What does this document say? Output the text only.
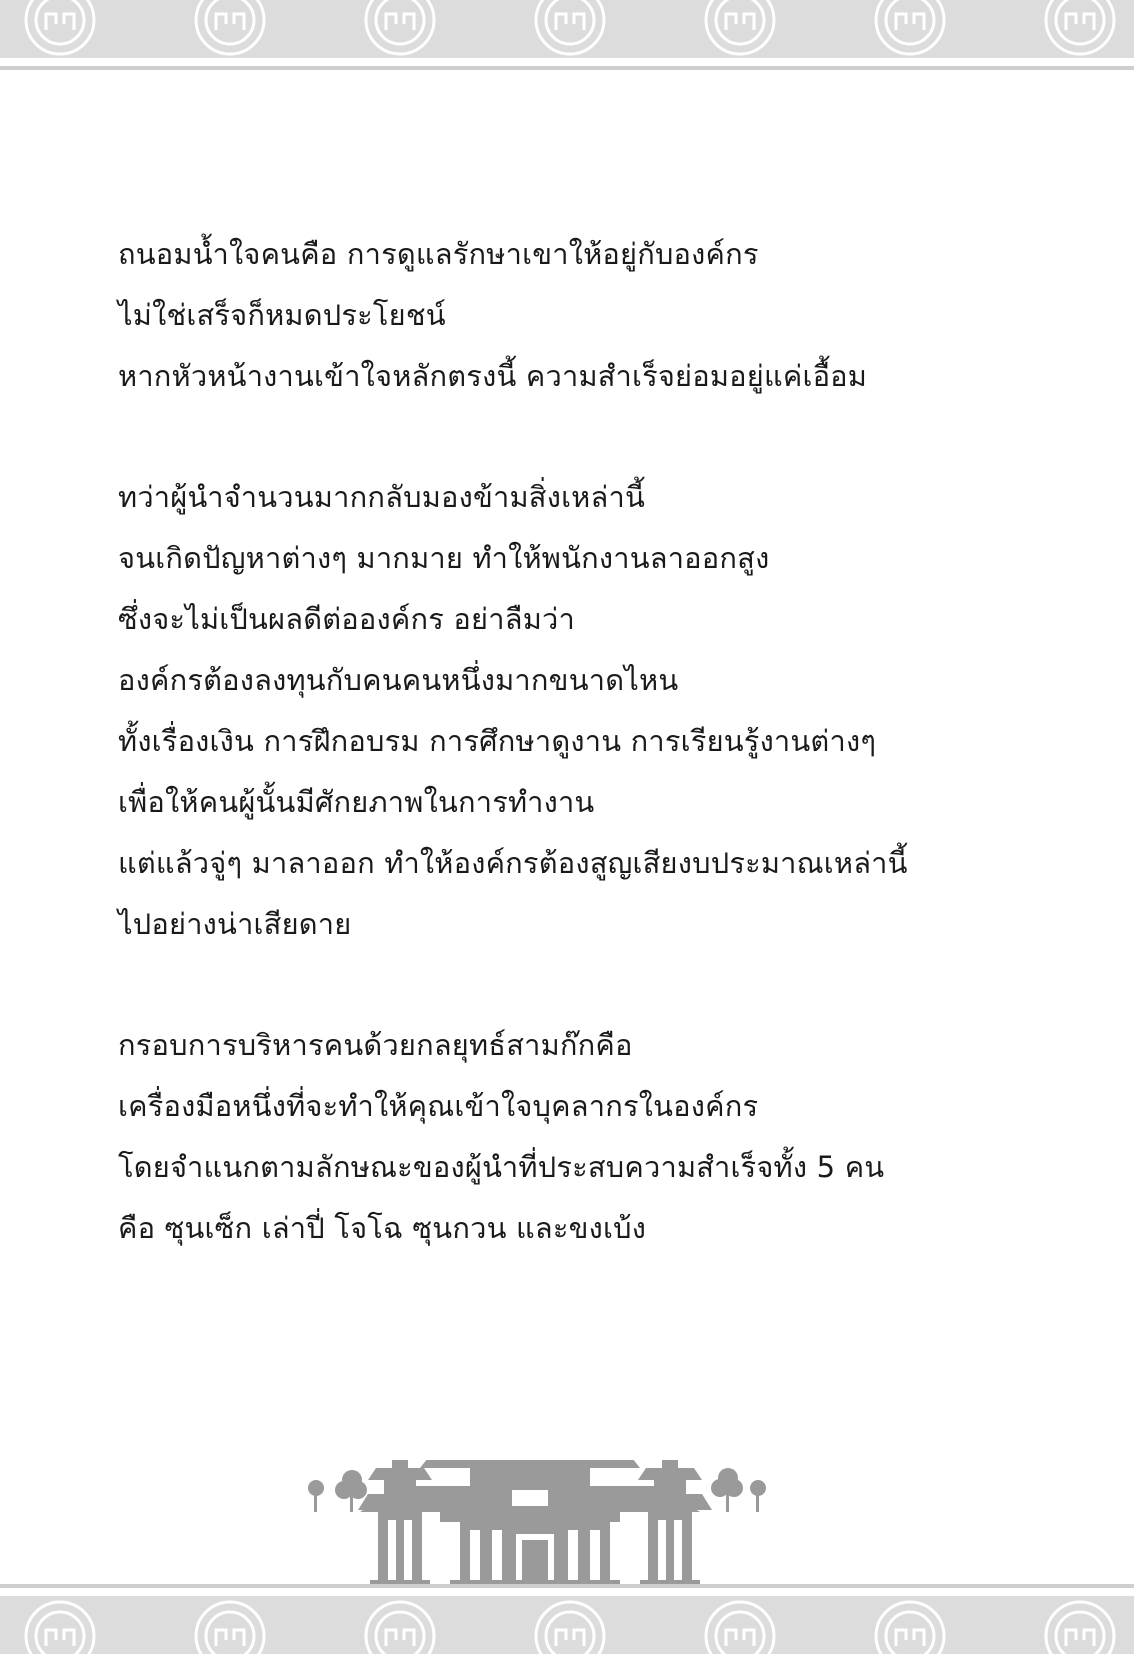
ถนอมน้ำใจคนคือ การดูแลรักษาเขาให้อยู่กับองค์กร
ไม่ใช่เสร็จก็หมดประโยชน์
หากหัวหน้างานเข้าใจหลักตรงนี้ ความสำเร็จย่อมอยู่แค่เอื้อม
ทว่าผู้นำจำนวนมากกลับมองข้ามสิ่งเหล่านี้
จนเกิดปัญหาต่างๆ มากมาย ทำให้พนักงานลาออกสูง
ซึ่งจะไม่เป็นผลดีต่อองค์กร อย่าลืมว่า
องค์กรต้องลงทุนกับคนคนหนึ่งมากขนาดไหน
ทั้งเรื่องเงิน การฝึกอบรม การศึกษาดูงาน การเรียนรู้งานต่างๆ
เพื่อให้คนผู้นั้นมีศักยภาพในการทำงาน
แต่แล้วจู่ๆ มาลาออก ทำให้องค์กรต้องสูญเสียงบประมาณเหล่านี้
ไปอย่างน่าเสียดาย
กรอบการบริหารคนด้วยกลยุทธ์สามก๊กคือ
เครื่องมือหนึ่งที่จะทำให้คุณเข้าใจบุคลากรในองค์กร
โดยจำแนกตามลักษณะของผู้นำที่ประสบความสำเร็จทั้ง 5 คน
คือ ซุนเซ็ก เล่าปี่ โจโฉ ซุนกวน และขงเบ้ง
